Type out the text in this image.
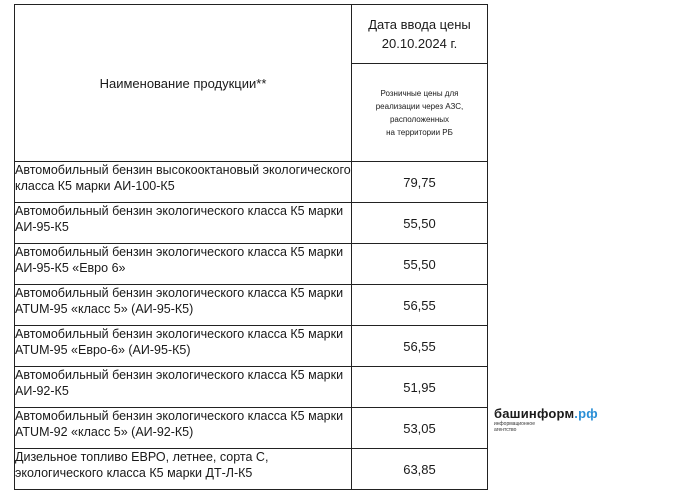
Наименование продукции**	Дата ввода цены
20.10.2024 г.
	Розничные цены для
реализации через АЗС,
расположенных
на территории РБ
Автомобильный бензин высокооктановый экологического класса К5 марки АИ-100-К5	79,75
Автомобильный бензин экологического класса К5 марки АИ-95-К5	55,50
Автомобильный бензин экологического класса К5 марки АИ-95-К5 «Евро 6»	55,50
Автомобильный бензин экологического класса К5 марки ATUM-95 «класс 5» (АИ-95-К5)	56,55
Автомобильный бензин экологического класса К5 марки ATUM-95 «Евро-6» (АИ-95-К5)	56,55
Автомобильный бензин экологического класса К5 марки АИ-92-К5	51,95
Автомобильный бензин экологического класса К5 марки ATUM-92 «класс 5» (АИ-92-К5)	53,05
Дизельное топливо ЕВРО, летнее, сорта С, экологического класса К5 марки ДТ-Л-К5	63,85
башинформ.рф
информационное
агентство
